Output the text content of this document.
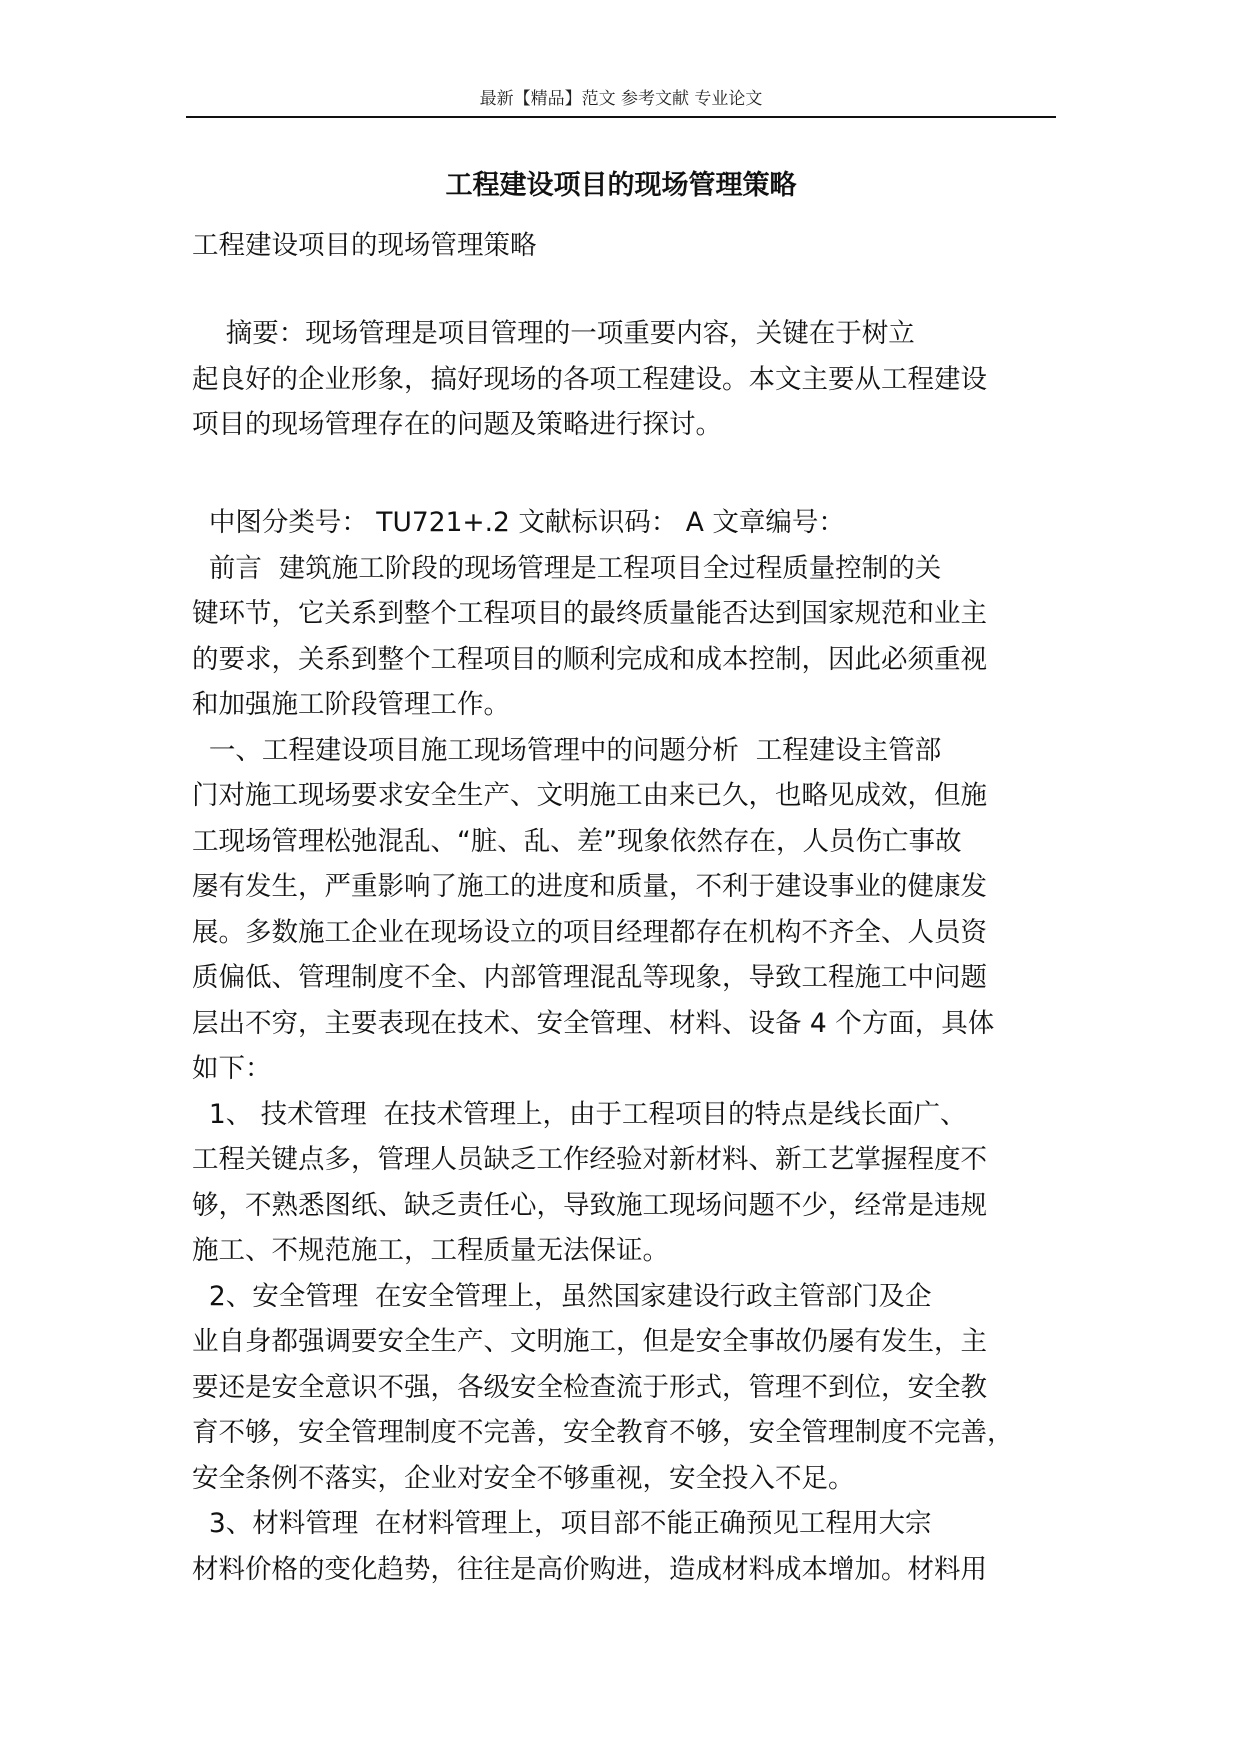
最新【精品】范文 参考文献 专业论文
工程建设项目的现场管理策略

工程建设项目的现场管理策略

摘要：现场管理是项目管理的一项重要内容，关键在于树立

起良好的企业形象，搞好现场的各项工程建设。本文主要从工程建设

项目的现场管理存在的问题及策略进行探讨。

中图分类号： TU721+.2 文献标识码： A 文章编号：

前言  建筑施工阶段的现场管理是工程项目全过程质量控制的关

键环节，它关系到整个工程项目的最终质量能否达到国家规范和业主

的要求，关系到整个工程项目的顺利完成和成本控制，因此必须重视

和加强施工阶段管理工作。

一、工程建设项目施工现场管理中的问题分析  工程建设主管部

门对施工现场要求安全生产、文明施工由来已久，也略见成效，但施

工现场管理松弛混乱、“脏、乱、差”现象依然存在，人员伤亡事故

屡有发生，严重影响了施工的进度和质量，不利于建设事业的健康发

展。多数施工企业在现场设立的项目经理都存在机构不齐全、人员资

质偏低、管理制度不全、内部管理混乱等现象，导致工程施工中问题

层出不穷，主要表现在技术、安全管理、材料、设备 4 个方面，具体

如下：

1、 技术管理  在技术管理上，由于工程项目的特点是线长面广、

工程关键点多，管理人员缺乏工作经验对新材料、新工艺掌握程度不

够，不熟悉图纸、缺乏责任心，导致施工现场问题不少，经常是违规

施工、不规范施工，工程质量无法保证。

2、安全管理  在安全管理上，虽然国家建设行政主管部门及企

业自身都强调要安全生产、文明施工，但是安全事故仍屡有发生，主

要还是安全意识不强，各级安全检查流于形式，管理不到位，安全教

育不够，安全管理制度不完善，安全教育不够，安全管理制度不完善，

安全条例不落实，企业对安全不够重视，安全投入不足。

3、材料管理  在材料管理上，项目部不能正确预见工程用大宗

材料价格的变化趋势，往往是高价购进，造成材料成本增加。材料用
